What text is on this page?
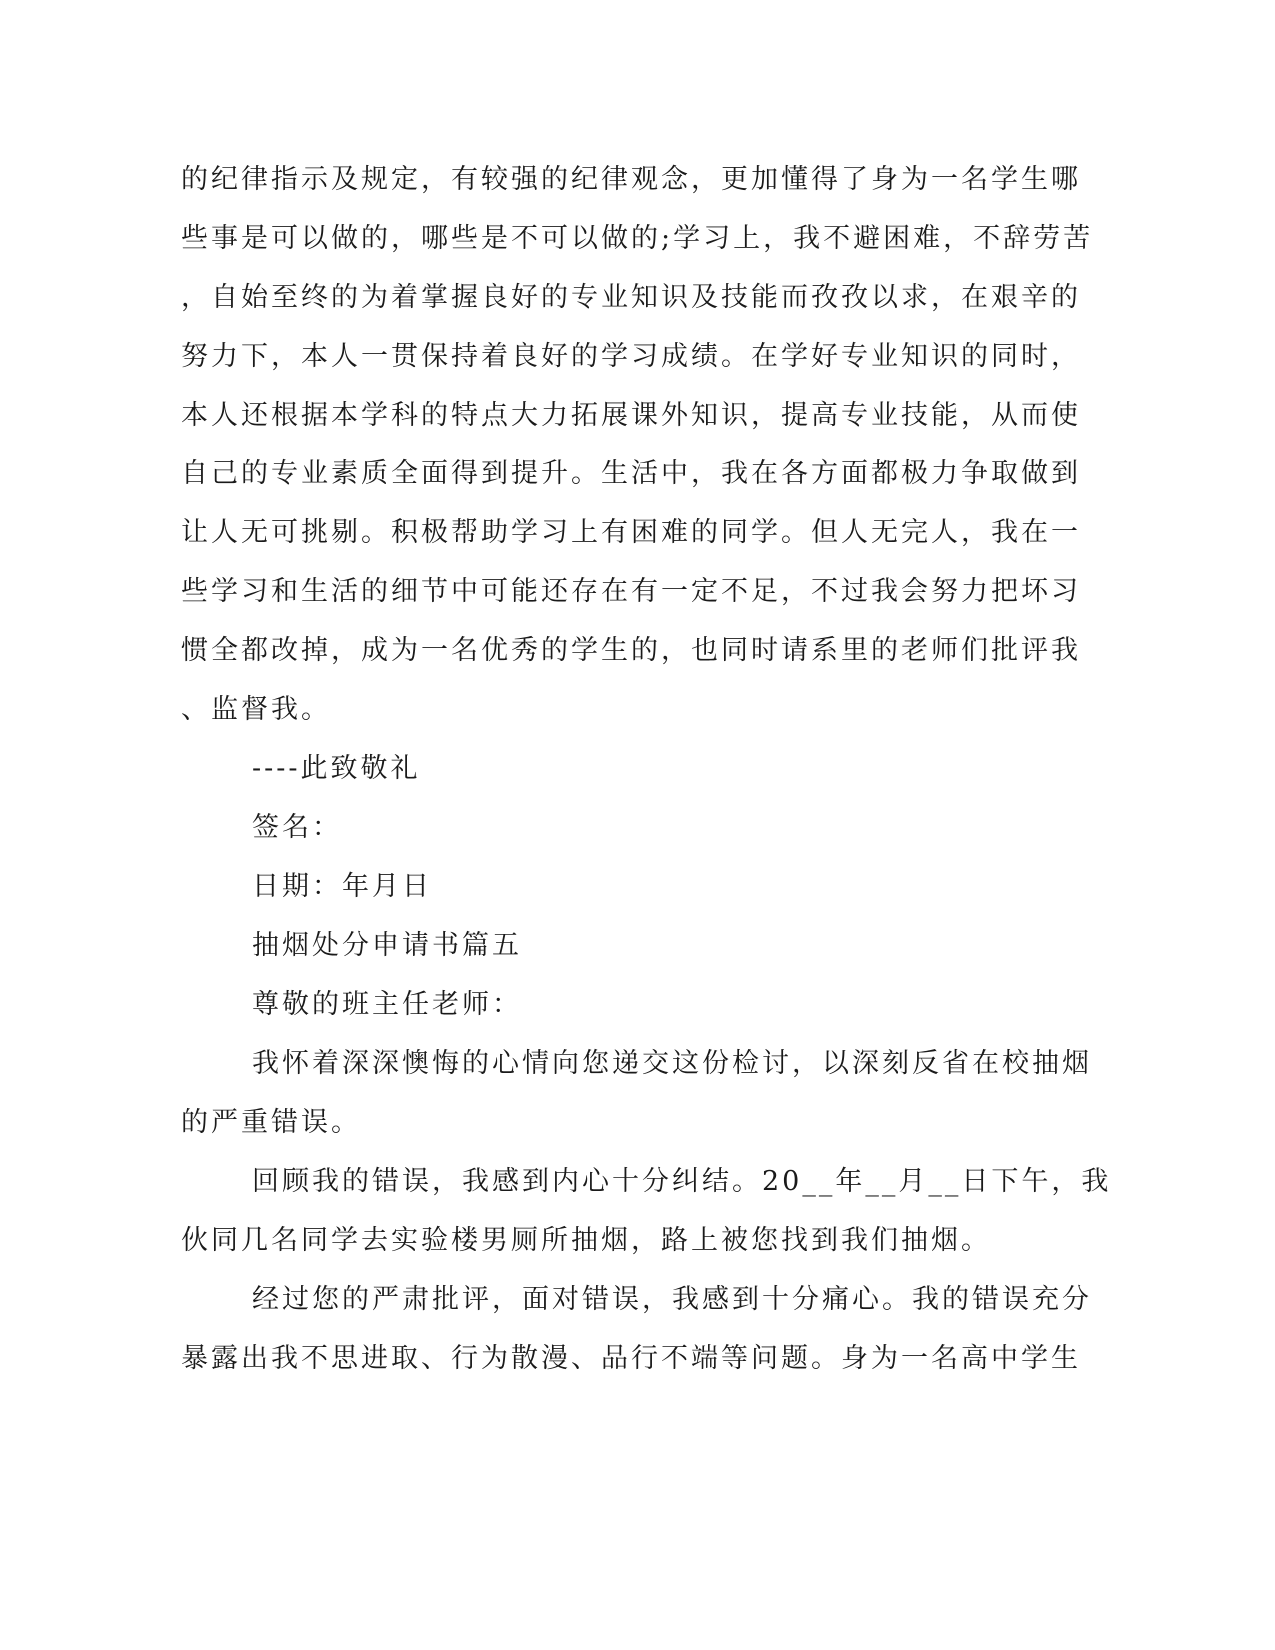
的纪律指示及规定，有较强的纪律观念，更加懂得了身为一名学生哪
些事是可以做的，哪些是不可以做的;学习上，我不避困难，不辞劳苦
，自始至终的为着掌握良好的专业知识及技能而孜孜以求，在艰辛的
努力下，本人一贯保持着良好的学习成绩。在学好专业知识的同时，
本人还根据本学科的特点大力拓展课外知识，提高专业技能，从而使
自己的专业素质全面得到提升。生活中，我在各方面都极力争取做到
让人无可挑剔。积极帮助学习上有困难的同学。但人无完人，我在一
些学习和生活的细节中可能还存在有一定不足，不过我会努力把坏习
惯全都改掉，成为一名优秀的学生的，也同时请系里的老师们批评我
、监督我。
----此致敬礼
签名：
日期：年月日
抽烟处分申请书篇五
尊敬的班主任老师：
我怀着深深懊悔的心情向您递交这份检讨，以深刻反省在校抽烟
的严重错误。
回顾我的错误，我感到内心十分纠结。20__年__月__日下午，我
伙同几名同学去实验楼男厕所抽烟，路上被您找到我们抽烟。
经过您的严肃批评，面对错误，我感到十分痛心。我的错误充分
暴露出我不思进取、行为散漫、品行不端等问题。身为一名高中学生
